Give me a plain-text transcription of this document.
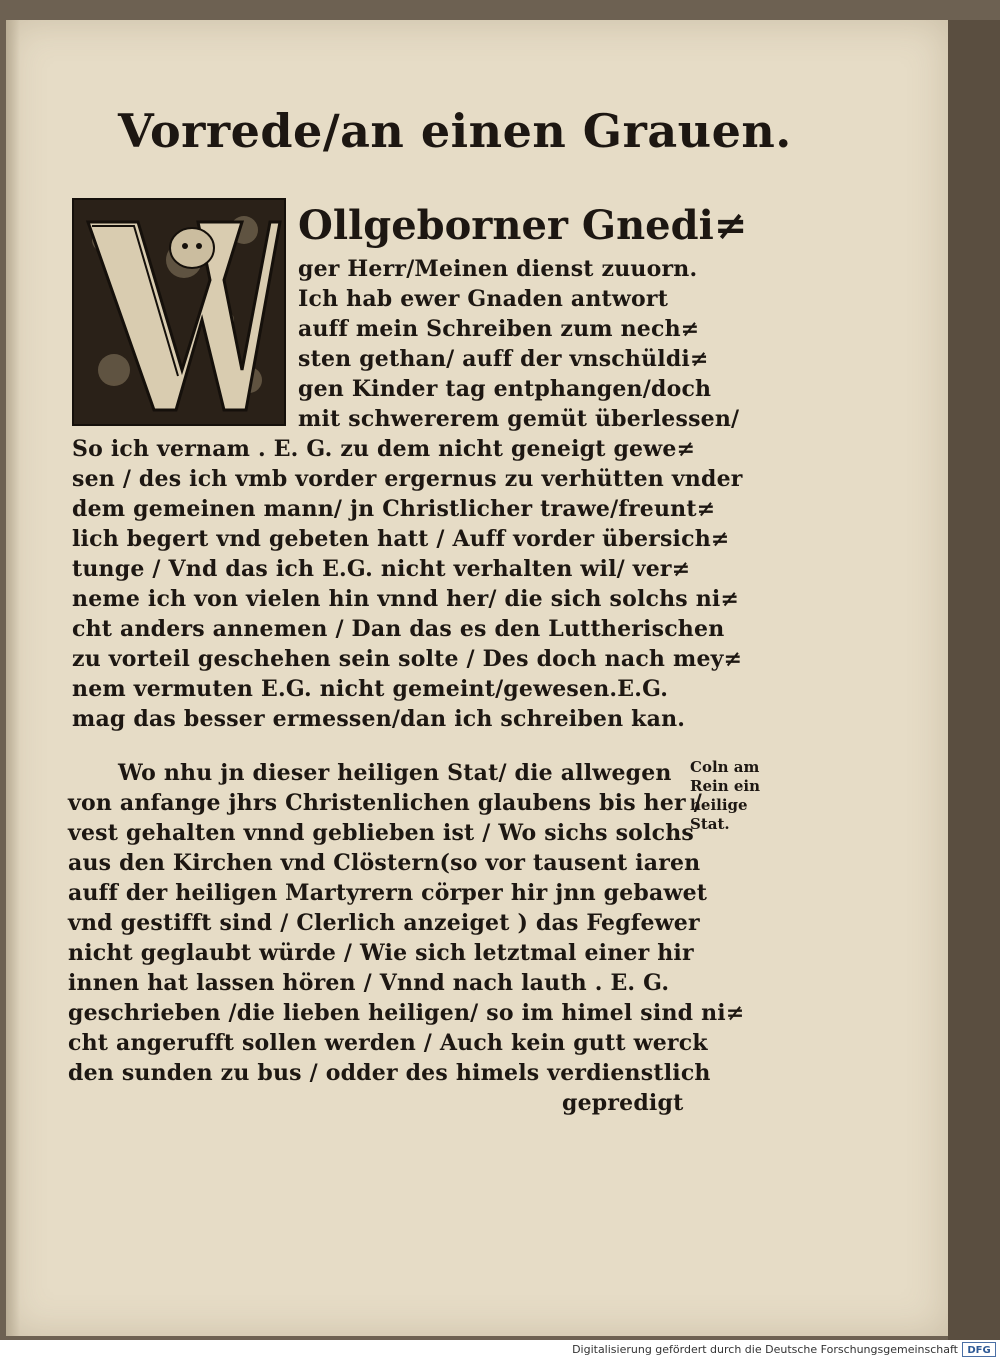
Vorrede/an einen Grauen.
Ollgeborner Gnedi≠
ger Herr/Meinen dienst zuuorn.
Ich hab ewer Gnaden antwort
auff mein Schreiben zum nech≠
sten gethan/ auff der vnschüldi≠
gen Kinder tag entphangen/doch
mit schwererem gemüt überlessen/
So ich vernam . E. G. zu dem nicht geneigt gewe≠
sen / des ich vmb vorder ergernus zu verhütten vnder
dem gemeinen mann/ jn Christlicher trawe/freunt≠
lich begert vnd gebeten hatt / Auff vorder übersich≠
tunge / Vnd das ich E.G. nicht verhalten wil/ ver≠
neme ich von vielen hin vnnd her/ die sich solchs ni≠
cht anders annemen / Dan das es den Luttherischen
zu vorteil geschehen sein solte / Des doch nach mey≠
nem vermuten E.G. nicht gemeint/gewesen.E.G.
mag das besser ermessen/dan ich schreiben kan.
Wo nhu jn dieser heiligen Stat/ die allwegen
von anfange jhrs Christenlichen glaubens bis her /
vest gehalten vnnd geblieben ist / Wo sichs solchs
aus den Kirchen vnd Clöstern(so vor tausent iaren
auff der heiligen Martyrern cörper hir jnn gebawet
vnd gestifft sind / Clerlich anzeiget ) das Fegfewer
nicht geglaubt würde / Wie sich letztmal einer hir
innen hat lassen hören / Vnnd nach lauth . E. G.
geschrieben /die lieben heiligen/ so im himel sind ni≠
cht angerufft sollen werden / Auch kein gutt werck
den sunden zu bus / odder des himels verdienstlich
gepredigt
Coln am
Rein ein
heilige
Stat.
Digitalisierung gefördert durch die Deutsche Forschungsgemeinschaft DFG
